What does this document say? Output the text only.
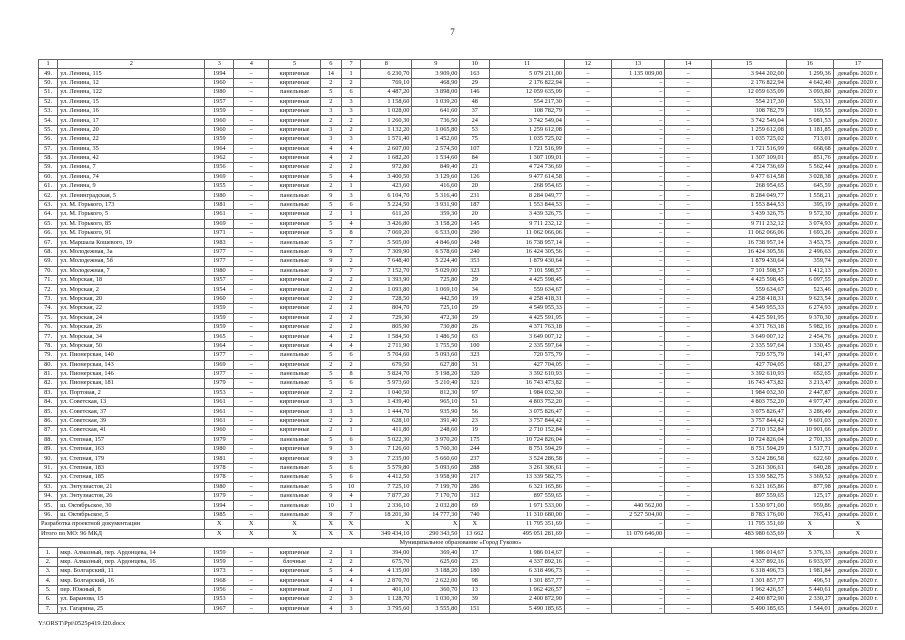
7
1	2	3	4	5	6	7	8	9	10	11	12	13	14	15	16	17
49.	ул. Ленина, 115	1994	–	кирпичные	14	1	6 230,70	3 909,00	163	5 079 211,00	–	1 135 009,00	–	3 944 202,00	1 299,36	декабрь 2020 г.
50.	ул. Ленина, 12	1960	–	кирпичные	2	2	769,10	468,90	29	2 176 822,94	–	–	–	2 176 822,94	4 642,40	декабрь 2020 г.
51.	ул. Ленина, 122	1980	–	панельные	5	6	4 487,20	3 898,00	146	12 059 635,09	–	–	–	12 059 635,09	3 093,80	декабрь 2020 г.
52.	ул. Ленина, 15	1957	–	кирпичные	2	3	1 158,60	1 039,20	48	554 217,30	–	–	–	554 217,30	533,31	декабрь 2020 г.
53.	ул. Ленина, 16	1959	–	кирпичные	3	3	1 028,00	641,60	37	108 782,79	–	–	–	108 782,79	169,55	декабрь 2020 г.
54.	ул. Ленина, 17	1960	–	кирпичные	2	2	1 260,30	736,50	24	3 742 549,04	–	–	–	3 742 549,04	5 081,53	декабрь 2020 г.
55.	ул. Ленина, 20	1960	–	кирпичные	3	2	1 132,20	1 065,80	53	1 259 612,08	–	–	–	1 259 612,08	1 181,85	декабрь 2020 г.
56.	ул. Ленина, 22	1959	–	кирпичные	3	3	1 571,40	1 452,60	75	1 035 725,02	–	–	–	1 035 725,02	713,01	декабрь 2020 г.
57.	ул. Ленина, 35	1964	–	кирпичные	4	4	2 607,00	2 574,50	107	1 721 516,99	–	–	–	1 721 516,99	668,68	декабрь 2020 г.
58.	ул. Ленина, 42	1962	–	кирпичные	4	2	1 682,20	1 534,60	84	1 307 109,01	–	–	–	1 307 109,01	851,76	декабрь 2020 г.
59.	ул. Ленина, 7	1956	–	кирпичные	2	2	972,80	849,40	21	4 724 736,69	–	–	–	4 724 736,69	5 562,44	декабрь 2020 г.
60.	ул. Ленина, 74	1969	–	кирпичные	5	4	3 400,50	3 129,60	126	9 477 614,58	–	–	–	9 477 614,58	3 028,38	декабрь 2020 г.
61.	ул. Ленина, 9	1955	–	кирпичные	2	1	423,60	416,60	20	268 954,65	–	–	–	268 954,65	645,59	декабрь 2020 г.
62.	ул. Ленинградская, 5	1980	–	панельные	9	3	6 104,70	5 316,40	231	8 284 049,77	–	–	–	8 284 049,77	1 558,21	декабрь 2020 г.
63.	ул. М. Горького, 173	1981	–	панельные	5	6	5 224,50	3 931,90	187	1 553 844,53	–	–	–	1 553 844,53	395,19	декабрь 2020 г.
64.	ул. М. Горького, 5	1961	–	кирпичные	2	1	611,20	359,30	20	3 439 326,75	–	–	–	3 439 326,75	9 572,30	декабрь 2020 г.
65.	ул. М. Горького, 85	1969	–	кирпичные	5	4	3 426,80	3 158,20	145	9 711 232,12	–	–	–	9 711 232,12	3 074,93	декабрь 2020 г.
66.	ул. М. Горького, 91	1971	–	кирпичные	5	8	7 069,20	6 533,00	290	11 062 066,06	–	–	–	11 062 066,06	1 693,26	декабрь 2020 г.
67.	ул. Маршала Кошевого, 19	1983	–	панельные	5	7	5 505,00	4 846,60	248	16 738 957,14	–	–	–	16 738 957,14	3 453,75	декабрь 2020 г.
68.	ул. Молодежная, 3а	1977	–	панельные	9	7	7 309,90	6 578,60	240	16 424 305,56	–	–	–	16 424 305,56	2 496,63	декабрь 2020 г.
69.	ул. Молодежная, 5б	1977	–	панельные	9	2	7 648,40	5 224,40	353	1 879 430,64	–	–	–	1 879 430,64	359,74	декабрь 2020 г.
70.	ул. Молодежная, 7	1980	–	панельные	9	7	7 152,70	5 029,00	323	7 101 598,57	–	–	–	7 101 598,57	1 412,13	декабрь 2020 г.
71.	ул. Морская, 18	1957	–	кирпичные	2	2	1 393,90	725,80	29	4 425 598,45	–	–	–	4 425 598,45	6 097,55	декабрь 2020 г.
72.	ул. Морская, 2	1954	–	кирпичные	2	2	1 093,80	1 069,10	34	559 634,67	–	–	–	559 634,67	523,46	декабрь 2020 г.
73.	ул. Морская, 20	1960	–	кирпичные	2	2	728,50	442,50	19	4 258 418,31	–	–	–	4 258 418,31	9 623,54	декабрь 2020 г.
74.	ул. Морская, 22	1959	–	кирпичные	2	2	804,70	725,10	29	4 549 955,33	–	–	–	4 549 955,33	6 274,93	декабрь 2020 г.
75.	ул. Морская, 24	1959	–	кирпичные	2	2	729,30	472,30	29	4 425 591,95	–	–	–	4 425 591,95	9 370,30	декабрь 2020 г.
76.	ул. Морская, 26	1959	–	кирпичные	2	2	805,90	730,80	26	4 371 763,18	–	–	–	4 371 763,18	5 982,16	декабрь 2020 г.
77.	ул. Морская, 34	1965	–	кирпичные	4	2	1 584,50	1 486,50	63	3 649 007,12	–	–	–	3 649 007,12	2 454,76	декабрь 2020 г.
78.	ул. Морская, 50	1964	–	кирпичные	4	4	2 711,90	1 755,50	100	2 335 597,64	–	–	–	2 335 597,64	1 330,45	декабрь 2020 г.
79.	ул. Пионерская, 140	1977	–	панельные	5	6	5 704,60	5 093,60	323	720 575,79	–	–	–	720 575,79	141,47	декабрь 2020 г.
80.	ул. Пионерская, 143	1969	–	кирпичные	2	2	679,50	627,80	31	427 704,05	–	–	–	427 704,05	681,27	декабрь 2020 г.
81.	ул. Пионерская, 146	1977	–	панельные	5	8	5 824,70	5 198,20	320	3 392 610,93	–	–	–	3 392 610,93	652,65	декабрь 2020 г.
82.	ул. Пионерская, 181	1979	–	панельные	5	6	5 973,60	5 210,40	321	16 743 473,82	–	–	–	16 743 473,82	3 213,47	декабрь 2020 г.
83.	ул. Портовая, 2	1953	–	кирпичные	2	2	1 040,50	812,30	97	1 984 032,30	–	–	–	1 984 032,30	2 447,87	декабрь 2020 г.
84.	ул. Советская, 13	1961	–	кирпичные	3	3	1 439,40	965,10	51	4 803 752,20	–	–	–	4 803 752,20	4 977,47	декабрь 2020 г.
85.	ул. Советская, 37	1961	–	кирпичные	3	3	1 444,70	935,90	56	3 075 826,47	–	–	–	3 075 826,47	3 286,49	декабрь 2020 г.
86.	ул. Советская, 39	1961	–	кирпичные	2	2	628,10	391,40	23	3 757 844,42	–	–	–	3 757 844,42	9 601,03	декабрь 2020 г.
87.	ул. Советская, 41	1960	–	кирпичные	2	1	411,80	248,60	19	2 710 152,84	–	–	–	2 710 152,84	10 901,66	декабрь 2020 г.
88.	ул. Степная, 157	1979	–	панельные	5	6	5 022,30	3 970,20	175	10 724 826,04	–	–	–	10 724 826,04	2 701,33	декабрь 2020 г.
89.	ул. Степная, 163	1980	–	кирпичные	9	3	7 126,60	5 760,30	244	8 751 594,29	–	–	–	8 751 594,29	1 517,71	декабрь 2020 г.
90.	ул. Степная, 179	1981	–	кирпичные	9	3	7 235,00	5 660,60	237	3 524 286,58	–	–	–	3 524 286,58	622,60	декабрь 2020 г.
91.	ул. Степная, 183	1978	–	панельные	5	6	5 579,80	5 093,60	288	3 261 306,61	–	–	–	3 261 306,61	640,28	декабрь 2020 г.
92.	ул. Степная, 185	1978	–	панельные	5	6	4 412,50	3 958,90	217	13 339 582,75	–	–	–	13 339 582,75	3 369,52	декабрь 2020 г.
93.	ул. Энтузиастов, 21	1980	–	панельные	5	10	7 725,10	7 199,70	286	6 321 165,86	–	–	–	6 321 165,86	877,98	декабрь 2020 г.
94.	ул. Энтузиастов, 26	1979	–	панельные	9	4	7 877,20	7 170,70	312	897 559,65	–	–	–	897 559,65	125,17	декабрь 2020 г.
95.	ш. Октябрьское, 30	1994	–	панельные	10	1	2 336,10	2 032,80	69	1 971 533,00	–	440 562,00	–	1 530 971,00	959,86	декабрь 2020 г.
96.	ш. Октябрьское, 5	1985	–	панельные	9	7	18 201,30	14 777,30	740	11 310 680,00	–	2 527 504,00	–	8 783 176,00	765,41	декабрь 2020 г.
Разработка проектной документации		Х	Х	Х	Х	Х	Х	Х	Х	11 795 351,69	–	–	–	11 795 351,69	Х	Х
Итого по МО: 96 МКД		Х	Х	Х	Х	Х	349 434,10	290 343,50	13 662	495 051 281,69	–	11 070 646,00	–	483 980 635,69	Х	Х
Муниципальное образование «Город Гуково»																
1.	мкр. Алмазный, пер. Ардонцева, 14	1959	–	кирпичные	2	1	394,00	369,40	17	1 986 014,67	–	–	–	1 986 014,67	5 376,33	декабрь 2020 г.
2.	мкр. Алмазный, пер. Ардонцева, 16	1959	–	блочные	2	2	675,70	625,60	23	4 337 892,16	–	–	–	4 337 892,16	6 933,97	декабрь 2020 г.
3.	мкр. Болгарский, 11	1973	–	кирпичные	5	4	4 135,00	3 188,20	180	6 318 496,73	–	–	–	6 318 496,73	1 981,84	декабрь 2020 г.
4.	мкр. Болгарский, 16	1968	–	кирпичные	4	4	2 870,70	2 622,00	98	1 301 857,77	–	–	–	1 301 857,77	496,51	декабрь 2020 г.
5.	пер. Южный, 8	1956	–	кирпичные	2	1	401,10	360,70	13	1 962 426,57	–	–	–	1 962 426,57	5 440,61	декабрь 2020 г.
6.	ул. Баранова, 15	1953	–	кирпичные	2	3	1 128,70	1 030,30	39	2 400 872,90	–	–	–	2 400 872,90	2 330,27	декабрь 2020 г.
7.	ул. Гагарина, 25	1967	–	кирпичные	4	3	3 795,60	3 555,80	151	5 490 185,65	–	–	–	5 490 185,65	1 544,01	декабрь 2020 г.
Y:\ORST\Ppi\0525p419.f20.docx
